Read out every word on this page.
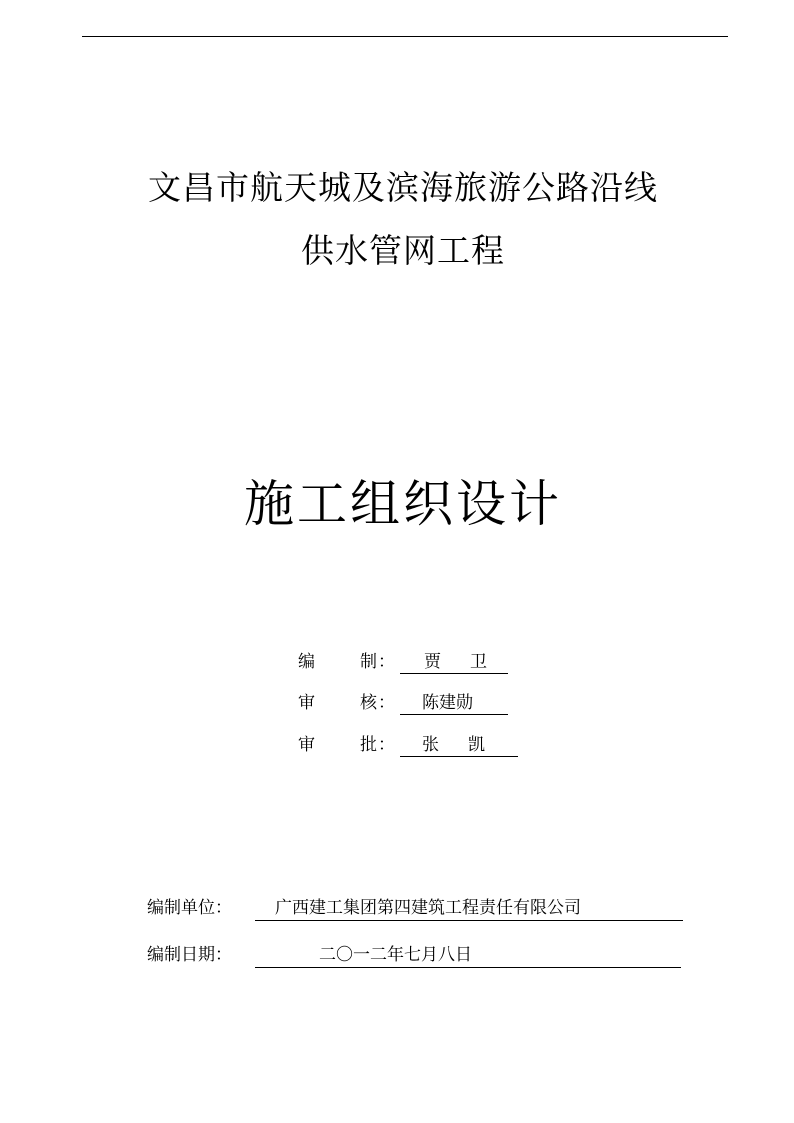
文昌市航天城及滨海旅游公路沿线
供水管网工程
施工组织设计
编	制 ： 贾 卫
审	核 ： 陈建勋
审	批 ： 张 凯
编制单位：	广西建工集团第四建筑工程责任有限公司
编制日期：	二〇一二年七月八日
